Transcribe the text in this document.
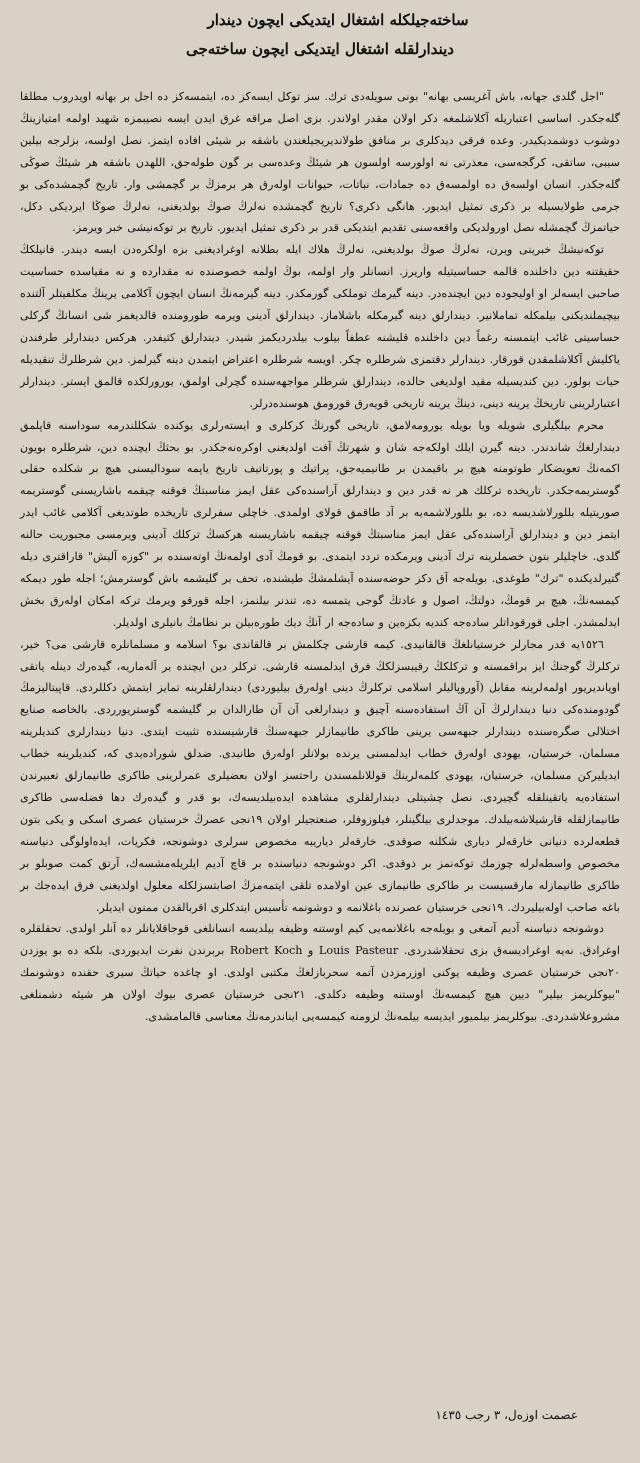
ساختەجیلکلە اشتغال ایتدیکی ایچون دیندار
دیندارلقلە اشتغال ایتدیکی ایچون ساختەجی

"اجل گلدی جهانە، باش آغریسی بهانە" بونی سویلەدی ترك. سز توكل ایسەكز دە، ایتمسەكز دە اجل بر بهانە اویدروب مطلقا گلەجكدر. اساسی اعتباریلە آکلاشلمغە دکر اولان مقدر اولاندر. بزی اصل مراقە غرق ایدن ایسە نصیبمزە شهید اولمە امتیازینڭ دوشوب دوشمدیکیدر. وعدە فرقی دیدکلری بر منافق طولاندیریجیلغندن باشقە بر شیئی افادە ایتمز. نصل اولسە، بزلرجە بیلین سببی، ساتقی، کرگجەسی، معذرتی نە اولورسە اولسون هر شیئڭ وعدەسی بر گون طولەجق، اللهدن باشقە هر شیئڭ صوڭی گلەجکدر. انسان اولسەق دە اولمسەق دە جمادات، نباتات، حیوانات اولەرق هر برمزڭ بر گچمشی وار. تاریخ گچمشدەکی بو جرمی طولایسیلە بر ذکری تمثیل ایدیور. هانگی ذکری؟ تاریخ گچمشدە نەلرڭ صوڭ بولدیغنی، نەلرڭ صوڭا ایردیکی دکل، حیاتمزڭ گچمشلە نصل اورولدیکی واقعەسنی تقدیم ایتدیکی قدر بر ذکری تمثیل ایدیور. تاریخ بر توکەنیشی خبر ویرمز.

توکەنیشڭ خبرینی ویرن، نەلرڭ صوڭ بولدیغنی، نەلرڭ هلاك ایلە بطلانە اوغرادیغنی بزە اولکرەدن ایسە دیندر. فانیلکڭ حقیقتنە دین داخلندە قالمە حساسیتیلە واریرز. انسانلر وار اولمە، بوڭ اولمە خصوصندە نە مقدارده و نە مقیاسدە حساسیت صاحبی ایسەلر او اولیجودە دین ایچندەدر. دینە گیرمك توملکی گورمكدر. دینە گیرمەنڭ انسان ایچون آکلامی یرینڭ مکلفیتلر آلتندە بیچیملندیکنی بیلمکلە تماملانیر. دیندارلق دینە گیرمکلە باشلاماز. دیندارلق آدینی ویرمە طورومندە قالدیغمز شی انسانڭ گرکلی حساسیتی غائب ایتمسنە رغماً دین داخلندە قلیشنە عطفاً بیلوب بیلدردیکمز شیدر. دیندارلق کثیفدر. هرکس دیندارلر طرفندن یاکلیش آکلاشلمقدن قورقار. دیندارلر دقتمزی شرطلرە چکر. اویسە شرطلرە اعتراض ایتمدن دینە گیرلمز. دین شرطلرڭ تنقیدیلە حیات بولور. دین کندیسیلە مقید اولدیغی حالدە، دیندارلق شرطلر مواجهەسندە گچرلی اولمق، یورورلکدە قالمق ایستر. دیندارلر اعتبارلرینی تاریخڭ یرینە دینی، دینڭ یرینە تاریخی قویەرق قورومق هوسندەدرلر.

محرم بیلگیلری شویلە ویا بویلە یورومەلامق، تاریخی گورنڭ کرکلری و ایستەرلری یوکندە شکللندرمە سوداسنە قاپلمق دیندارلغڭ شاندندر. دینە گیرن ایلك اولکەجە شان و شهرتڭ آفت اولدیغنی اوکرەنەجکدر. بو بحثڭ ایچندە دین، شرطلرە بویون اکمەنڭ تعویضکار طوتومنە هیچ بر باقیمدن بر طانیمیەجق، پراتیك و پورتاتیف تاریخ یاپمە سودالیسنی هیچ بر شکلدە حقلی گوستریمەجکدر. تاریخدە ترکلك هر نە قدر دین و دیندارلق آراسندەکی عقل ایمز مناسبتڭ فوقنە چیقمە باشاریسنی گوستریمە صوریتیلە بللورلاشدیسە دە، بو بللورلاشمەیە بر آد طاقمق قولای اولمدی. خاچلی سفرلری تاریخدە طوتدیغی آکلامی غائب ایدر ایتمز دین و دیندارلق آراسندەکی عقل ایمز مناسبتڭ فوقنە چیقمە باشاریسنە هرکسڭ ترکلك آدینی ویرمسی مجبوریت حالنە گلدی. خاچلیلر بتون خصملرینە ترك آدینی ویرمکدە تردد ایتمدی. بو قومڭ آدی اولمەنڭ اوتەسندە بر "کوزە آلیش" قاراقتری دیلە گتیرلدیکندە "ترك" طوغدی. بویلەجە آق دکز حوضەسندە آیشلمشڭ طیشندە، تحف بر گلیشمە باش گوسترمش؛ اجلە طور دیمکە کیمسەنڭ، هیچ بر قومڭ، دولتڭ، اصول و عادتڭ گوجی یتمسە دە، تندنر بیلنمز، اجلە قورقو ویرمك ترکە امکان اولەرق بخش ایدلمشدر. اجلی قورقوداتلر سادەجە کندیە بکزەین و سادەجە ار آنڭ دیك طورەبیلن بر نظامڭ بانیلری اولدیلر.

١٥٢٦یە قدر مجارلر خرستیانلغڭ قالقانیدی. کیمە قارشی چکلمش بر قالقاندی بو؟ اسلامە و مسلمانلرە قارشی می؟ خیر، ترکلرڭ گوجنڭ ایز براقمسنە و ترکلکڭ رقیبسزلکڭ فرق ایدلمسنە قارشی. ترکلر دین ایچندە بر آلەماریە، گیدەرك دینلە یاتقی اویاندیریور اولمەلرینە مقابل (آوروپالیلر اسلامی ترکلرڭ دینی اولەرق بیلیوردی) دیندارلقلرینە تمایز ایتمش دکللردی. قاپیتالیزمڭ گودومندەکی دنیا دیندارلرڭ آن آڭ استفادەسنە آچیق و دیندارلغی آن آن طارالدان بر گلیشمە گوستریورردی. بالخاصە صنایع اختلالی صگرەسندە دیندارلر جبهەسی یرینی طاکری طانیمازلر جبهەسنڭ قارشیسندە تثبیت ایتدی. دنیا دیندارلری کندیلرینە مسلمان، خرستیان، یهودی اولەرق خطاب ایدلمسنی یرندە بولانلر اولەرق طانیدی. ضدلق شورادەیدی کە، کندیلرینە خطاب ایدیلیرکن مسلمان، خرستیان، یهودی کلمەلرینڭ قوللانلمسندن راحتسز اولان بعضیلری عمرلرینی طاکری طانیمازلق تعبیرندن استفادەیە یاتقینلقلە گچیردی. نصل چشیتلی دیندارلقلری مشاهدە ایدەبیلدیسەك، بو قدر و گیدەرك دها فضلەسی طاکری طانیمازلقلە قارشیلاشەبیلدك. موجدلری بیلگینلر، فیلوزوفلر، صنعتجیلر اولان ١٩نجی عصرڭ خرستیان عصری اسکی و یکی بتون قطعەلردە دنیانی خارقەلر دیاری شکلنە صوقدی. خارقەلر دیاریبە مخصوص سرلری دوشونجە، فکریات، ایدەاولوگی دنیاسنە مخصوص واسطەلرلە چوزمك توکەنمز بر ذوقدی. اکر دوشونجە دنیاسندە بر قاچ آدیم ایلریلەمشسەك، آرتق کمت صوبلو بر طاکری طانیمازلە مارقسیست بر طاکری طانیمازی عین اولامدە تلقی ایتمەمزڭ اصابتسزلکلە معلول اولدیغنی فرق ایدەجك بر باغە صاحب اولەبیلیردك. ١٩نجی خرستیان عصرندە باغلانمە و دوشونمە تأسیس ایتدکلری اقربالقدن ممنون ایدیلر.

دوشونجە دنیاسنە آدیم آتمغی و بویلەجە باغلانمەیی کیم اوستنە وظیفە بیلدیسە انسانلغی قوجاقلایانلر دە آنلر اولدی. تحقلقلرە اوغرادق. نەیە اوغرادیسەق بزی تحقلاشدردی. Louis Pasteur و Robert Koch بربرندن نفرت ایدیوردی. بلکە دە بو یوزدن ٢٠نجی خرستیان عصری وظیفە یوکنی اوزرمزدن آتمە سحربازلغڭ مکتبی اولدی. او چاغدە حیاتڭ سیری حقندە دوشونمك "بیوکلریمز بیلیر" دیین هیچ کیمسەنڭ اوستنە وظیفە دکلدی. ٢١نجی خرستیان عصری بیوك اولان هر شیئە دشمنلغی مشروعلاشدردی. بیوکلریمز بیلمیور ایدیسە بیلمەنڭ لزومنە کیمسەیی ایناندرمەنڭ معناسی قالمامشدی.

عصمت اوزەل، ٣ رجب ١٤٣٥
